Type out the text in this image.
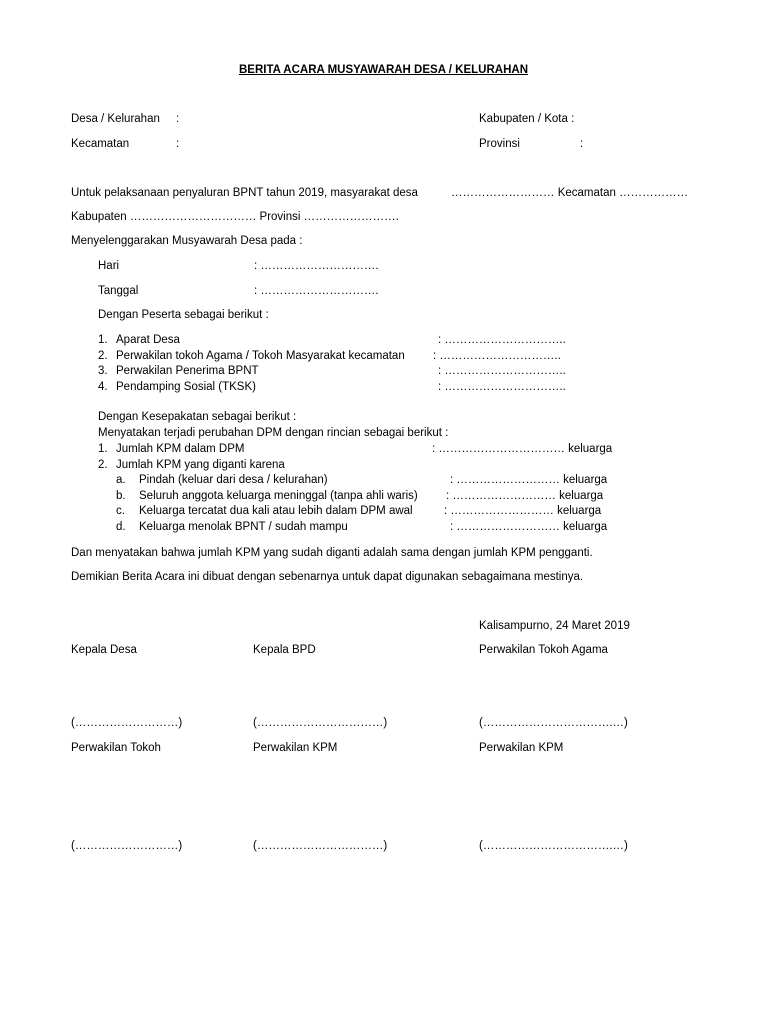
BERITA ACARA MUSYAWARAH DESA / KELURAHAN
Desa / Kelurahan :
Kecamatan	:
Kabupaten / Kota :
Provinsi	:
Untuk pelaksanaan penyaluran BPNT tahun 2019, masyarakat desa	……………………… Kecamatan ………………
Kabupaten …………………………… Provinsi …………………….
Menyelenggarakan Musyawarah Desa pada :
Hari	: ………………………….
Tanggal	: ………………………….
Dengan Peserta sebagai berikut :
1. Aparat Desa	: …………………………..
2. Perwakilan tokoh Agama / Tokoh Masyarakat kecamatan : …………………………..
3. Perwakilan Penerima BPNT	: …………………………..
4. Pendamping Sosial (TKSK)	: …………………………..
Dengan Kesepakatan sebagai berikut :
Menyatakan terjadi perubahan DPM dengan rincian sebagai berikut :
1. Jumlah KPM dalam DPM	: …………………………… keluarga
2. Jumlah KPM yang diganti karena
a. Pindah (keluar dari desa / kelurahan)	: ……………………… keluarga
b. Seluruh anggota keluarga meninggal (tanpa ahli waris) : ……………………… keluarga
c. Keluarga tercatat dua kali atau lebih dalam DPM awal	: ……………………… keluarga
d. Keluarga menolak BPNT / sudah mampu	: ……………………… keluarga
Dan menyatakan bahwa jumlah KPM yang sudah diganti adalah sama dengan jumlah KPM pengganti.
Demikian Berita Acara ini dibuat dengan sebenarnya untuk dapat digunakan sebagaimana mestinya.
Kalisampurno, 24 Maret 2019
Kepala Desa	Kepala BPD	Perwakilan Tokoh Agama
(………………………)	(……………………………)	(…………………………….…)
Perwakilan Tokoh	Perwakilan KPM	Perwakilan KPM
(………………………)	(……………………………)	(…………………………….…)
